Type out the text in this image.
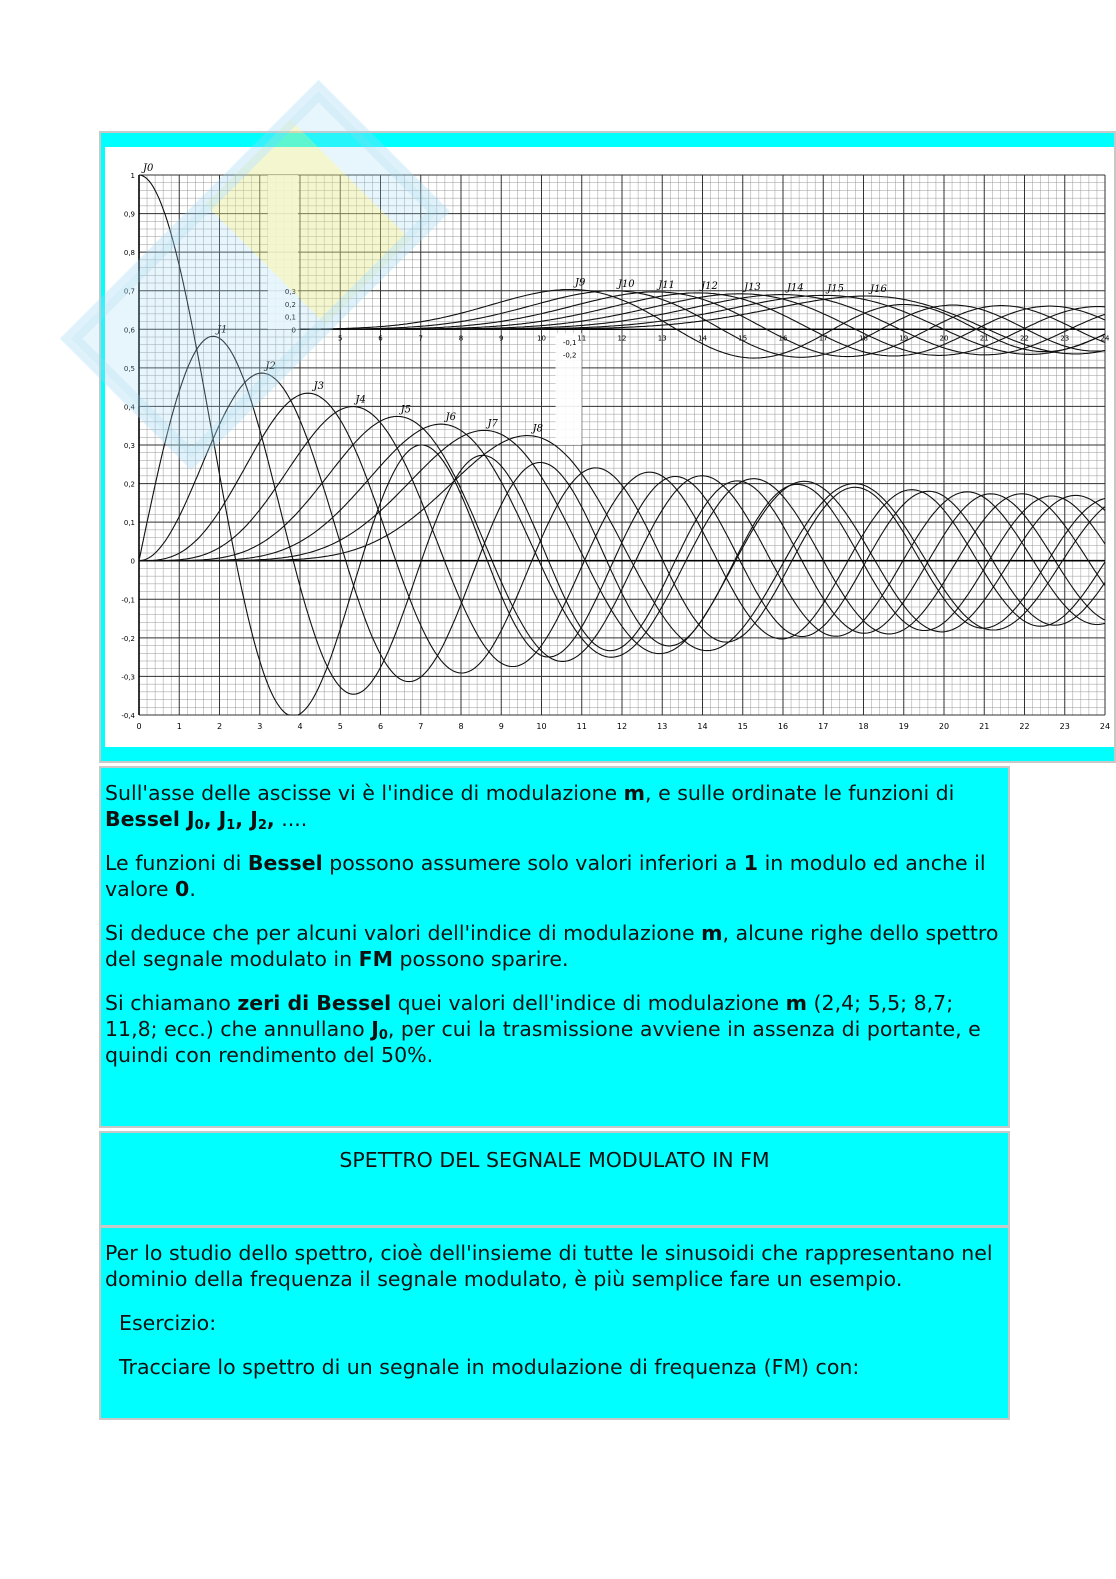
1
0,9
0,8
0,7
0,6
0,5
0,4
0,3
0,2
0,1
0
-0,1
-0,2
-0,3
-0,4
0	1	2	3	4	5	6	7	8	9	10	11	12	13	14	15	16	17	18	19	20	21	22	23	24
0,3
0,2
0,1
0
-0,1
-0,2
5	6	7	8	9	10	11	12	13	14	15	16	17	18	19	20	21	22	23	24
J0
J1
J2
J3
J4
J5
J6
J7	J8
J9	J10 J11	J12	J13	J14 J15	J16

Sull'asse delle ascisse vi è l'indice di modulazione m, e sulle ordinate le funzioni di Bessel $J_0$, $J_1$, $J_2$, ....

Le funzioni di Bessel possono assumere solo valori inferiori a 1 in modulo ed anche il valore 0.

Si deduce che per alcuni valori dell'indice di modulazione m, alcune righe dello spettro del segnale modulato in FM possono sparire.

Si chiamano zeri di Bessel quei valori dell'indice di modulazione m (2,4; 5,5; 8,7; 11,8; ecc.) che annullano $J_0$, per cui la trasmissione avviene in assenza di portante, e quindi con rendimento del 50%.

SPETTRO DEL SEGNALE MODULATO IN FM

Per lo studio dello spettro, cioè dell'insieme di tutte le sinusoidi che rappresentano nel dominio della frequenza il segnale modulato, è più semplice fare un esempio.

Esercizio:

Tracciare lo spettro di un segnale in modulazione di frequenza (FM) con:
